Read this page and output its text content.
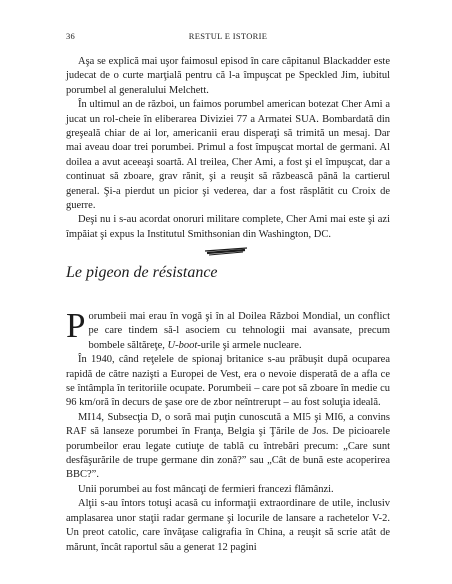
36	RESTUL E ISTORIE

Aşa se explică mai uşor faimosul episod în care căpitanul Blackadder este judecat de o curte marţială pentru că l-a împuşcat pe Speckled Jim, iubitul porumbel al generalului Melchett.

În ultimul an de război, un faimos porumbel american botezat Cher Ami a jucat un rol-cheie în eliberarea Diviziei 77 a Armatei SUA. Bombardată din greşeală chiar de ai lor, americanii erau disperaţi să trimită un mesaj. Dar mai aveau doar trei porumbei. Primul a fost împuşcat mortal de germani. Al doilea a avut aceeaşi soartă. Al treilea, Cher Ami, a fost şi el împuşcat, dar a continuat să zboare, grav rănit, şi a reuşit să răzbească până la cartierul general. Şi-a pierdut un picior şi vederea, dar a fost răsplătit cu Croix de guerre.

Deşi nu i s-au acordat onoruri militare complete, Cher Ami mai este şi azi împăiat şi expus la Institutul Smithsonian din Washington, DC.

Le pigeon de résistance

Porumbeii mai erau în vogă şi în al Doilea Război Mondial, un conflict pe care tindem să-l asociem cu tehnologii mai avansate, precum bombele săltăreţe, U-boot-urile şi armele nucleare.

În 1940, când reţelele de spionaj britanice s-au prăbuşit după ocuparea rapidă de către nazişti a Europei de Vest, era o nevoie disperată de a afla ce se întâmpla în teritoriile ocupate. Porumbeii – care pot să zboare în medie cu 96 km/oră în decurs de şase ore de zbor neîntrerupt – au fost soluţia ideală.

MI14, Subsecţia D, o soră mai puţin cunoscută a MI5 şi MI6, a convins RAF să lanseze porumbei în Franţa, Belgia şi Ţările de Jos. De picioarele porumbeilor erau legate cutiuţe de tablă cu întrebări precum: „Care sunt desfăşurările de trupe germane din zonă?” sau „Cât de bună este acoperirea BBC?”.

Unii porumbei au fost mâncaţi de fermieri francezi flămânzi.

Alţii s-au întors totuşi acasă cu informaţii extraordinare de utile, inclusiv amplasarea unor staţii radar germane şi locurile de lansare a rachetelor V-2. Un preot catolic, care învăţase caligrafia în China, a reuşit să scrie atât de mărunt, încât raportul său a generat 12 pagini
